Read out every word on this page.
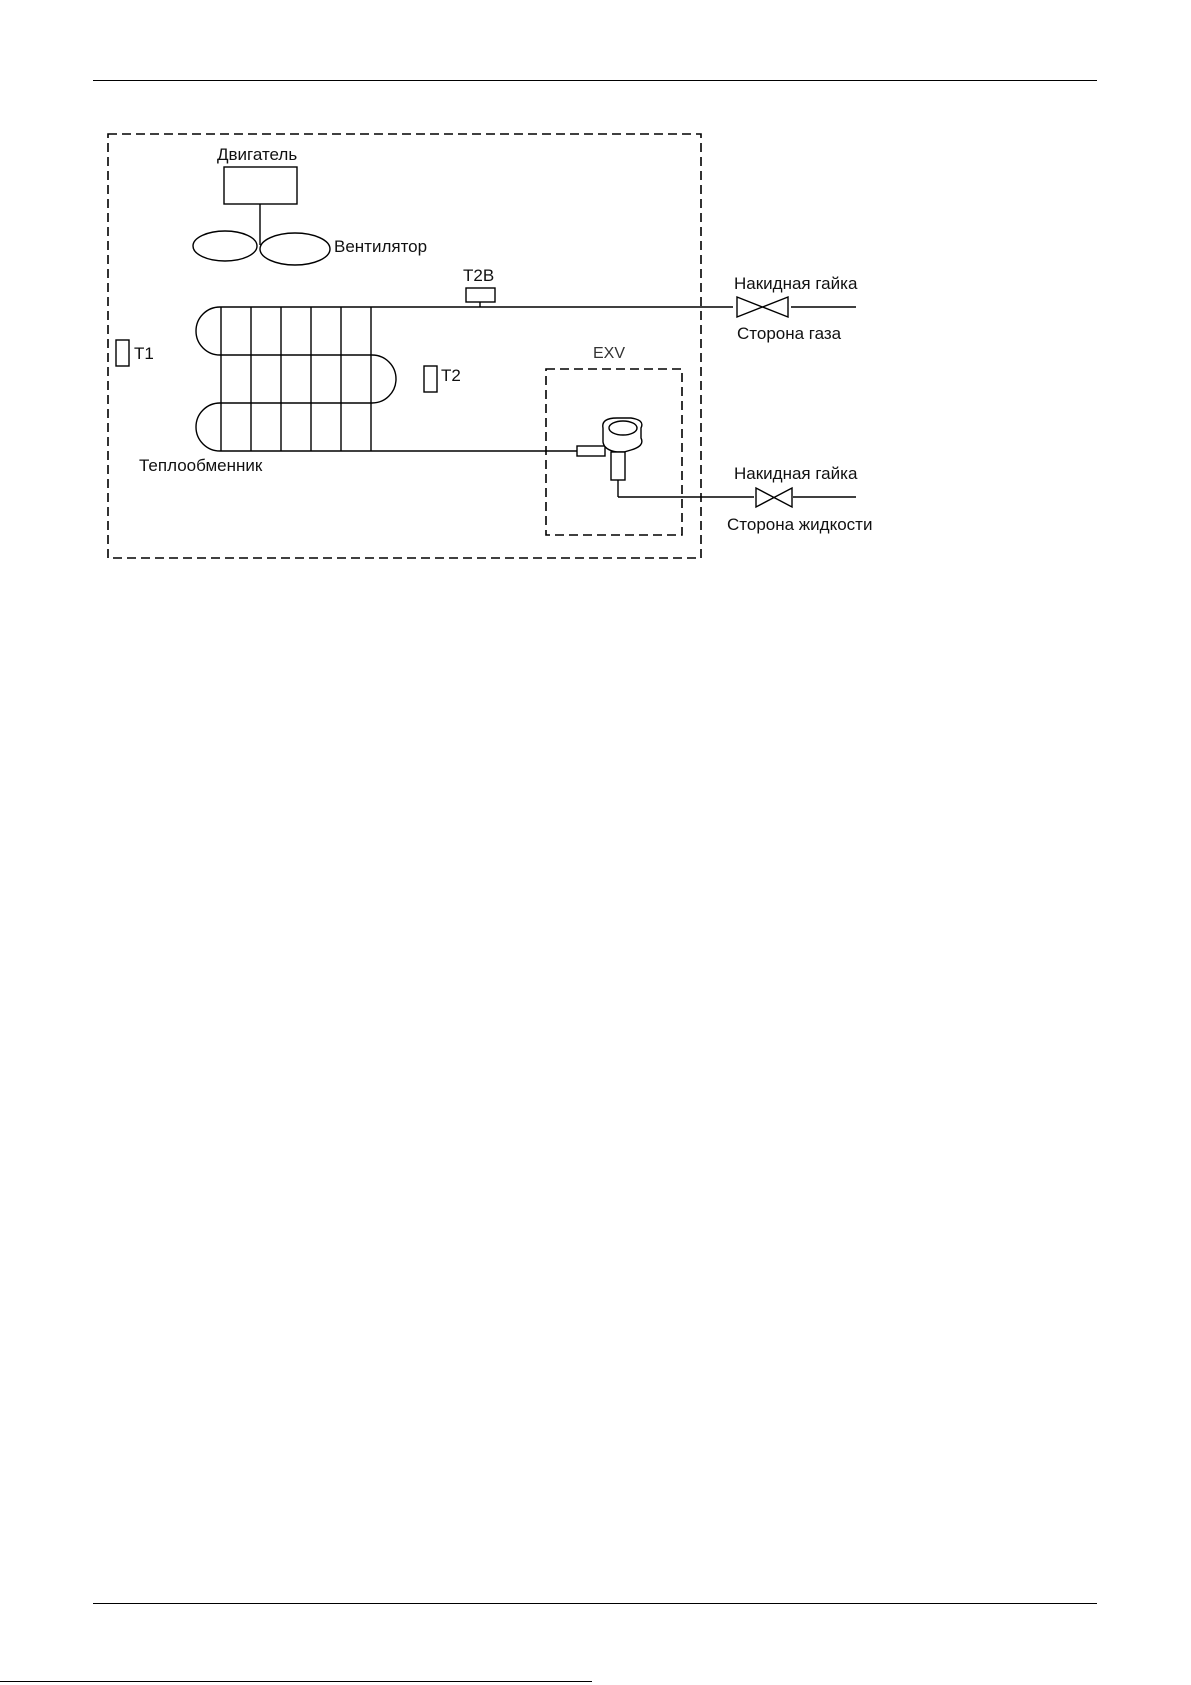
Двигатель
Вентилятор
Теплообменник
T1
T2
T2B	Накидная гайка
Сторона газа
EXV
Накидная гайка
Сторона жидкости
